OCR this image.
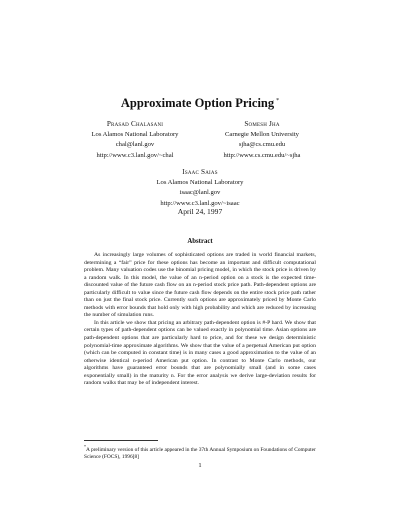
Approximate Option Pricing *
Prasad Chalasani
Los Alamos National Laboratory
chal@lanl.gov
http://www.c3.lanl.gov/~chal
Somesh Jha
Carnegie Mellon University
sjha@cs.cmu.edu
http://www.cs.cmu.edu/~sjha
Isaac Saias
Los Alamos National Laboratory
isaac@lanl.gov
http://www.c3.lanl.gov/~isaac
April 24, 1997
Abstract

As increasingly large volumes of sophisticated options are traded in world financial markets, determining a “fair” price for these options has become an important and difficult computational problem. Many valuation codes use the binomial pricing model, in which the stock price is driven by a random walk. In this model, the value of an n-period option on a stock is the expected time-discounted value of the future cash flow on an n-period stock price path. Path-dependent options are particularly difficult to value since the future cash flow depends on the entire stock price path rather than on just the final stock price. Currently such options are approximately priced by Monte Carlo methods with error bounds that hold only with high probability and which are reduced by increasing the number of simulation runs.

In this article we show that pricing an arbitrary path-dependent option is #-P hard. We show that certain types of path-dependent options can be valued exactly in polynomial time. Asian options are path-dependent options that are particularly hard to price, and for these we design deterministic polynomial-time approximate algorithms. We show that the value of a perpetual American put option (which can be computed in constant time) is in many cases a good approximation to the value of an otherwise identical n-period American put option. In contrast to Monte Carlo methods, our algorithms have guaranteed error bounds that are polynomially small (and in some cases exponentially small) in the maturity n. For the error analysis we derive large-deviation results for random walks that may be of independent interest.

*A preliminary version of this article appeared in the 37th Annual Symposium on Foundations of Computer Science (FOCS), 1996[8]
1
